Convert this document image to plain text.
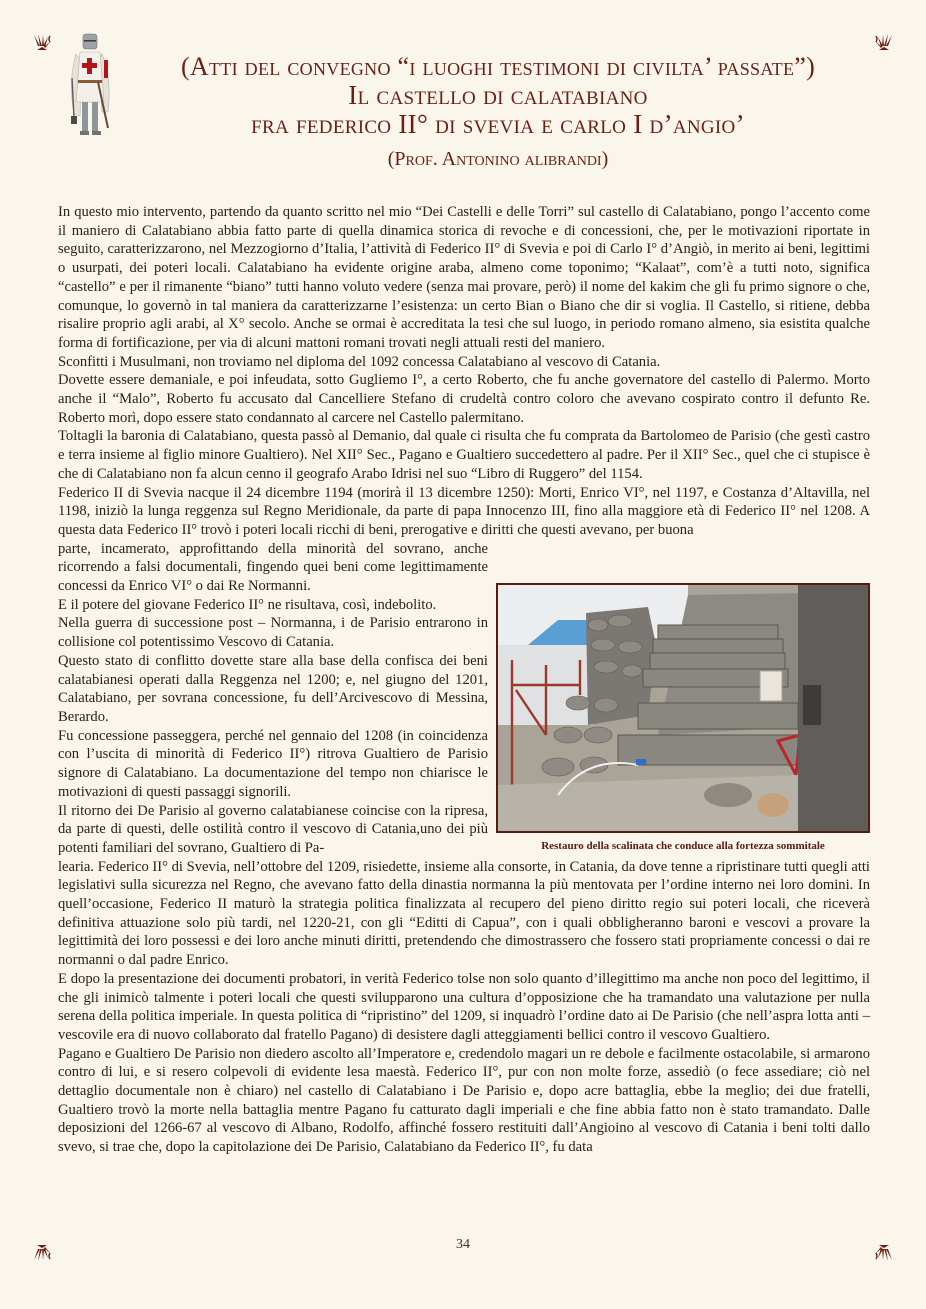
(Atti del convegno “i luoghi testimoni di civilta’ passate”)
Il castello di calatabiano
fra federico II° di svevia e carlo I d’angio’
(Prof. Antonino alibrandi)

In questo mio intervento, partendo da quanto scritto nel mio “Dei Castelli e delle Torri” sul castello di Calatabiano, pongo l’accento come il maniero di Calatabiano abbia fatto parte di quella dinamica storica di revoche e di concessioni, che, per le motivazioni riportate in seguito, caratterizzarono, nel Mezzogiorno d’Italia, l’attività di Federico II° di Svevia e poi di Carlo I° d’Angiò, in merito ai beni, legittimi o usurpati, dei poteri locali. Calatabiano ha evidente origine araba, almeno come toponimo; “Kalaat”, com’è a tutti noto, significa “castello” e per il rimanente “biano” tutti hanno voluto vedere (senza mai provare, però) il nome del kakim che gli fu primo signore o che, comunque, lo governò in tal maniera da caratterizzarne l’esistenza: un certo Bian o Biano che dir si voglia. Il Castello, si ritiene, debba risalire proprio agli arabi, al X° secolo. Anche se ormai è accreditata la tesi che sul luogo, in periodo romano almeno, sia esistita qualche forma di fortificazione, per via di alcuni mattoni romani trovati negli attuali resti del maniero.

Sconfitti i Musulmani, non troviamo nel diploma del 1092 concessa Calatabiano al vescovo di Catania.

Dovette essere demaniale, e poi infeudata, sotto Gugliemo I°, a certo Roberto, che fu anche governatore del castello di Palermo. Morto anche il “Malo”, Roberto fu accusato dal Cancelliere Stefano di crudeltà contro coloro che avevano cospirato contro il defunto Re. Roberto morì, dopo essere stato condannato al carcere nel Castello palermitano.

Toltagli la baronia di Calatabiano, questa passò al Demanio, dal quale ci risulta che fu comprata da Bartolomeo de Parisio (che gestì castro e terra insieme al figlio minore Gualtiero). Nel XII° Sec., Pagano e Gualtiero succedettero al padre. Per il XII° Sec., quel che ci stupisce è che di Calatabiano non fa alcun cenno il geografo Arabo Idrisi nel suo “Libro di Ruggero” del 1154.

Federico II di Svevia nacque il 24 dicembre 1194 (morirà il 13 dicembre 1250): Morti, Enrico VI°, nel 1197, e Costanza d’Altavilla, nel 1198, iniziò la lunga reggenza sul Regno Meridionale, da parte di papa Innocenzo III, fino alla maggiore età di Federico II° nel 1208. A questa data Federico II° trovò i poteri locali ricchi di beni, prerogative e diritti che questi avevano, per buona

parte, incamerato, approfittando della minorità del sovrano, anche ricorrendo a falsi documentali, fingendo quei beni come legittimamente concessi da Enrico VI° o dai Re Normanni.

E il potere del giovane Federico II° ne risultava, così, indebolito.

Nella guerra di successione post – Normanna, i de Parisio entrarono in collisione col potentissimo Vescovo di Catania.

Questo stato di conflitto dovette stare alla base della confisca dei beni calatabianesi operati dalla Reggenza nel 1200; e, nel giugno del 1201, Calatabiano, per sovrana concessione, fu dell’Arcivescovo di Messina, Berardo.

Fu concessione passeggera, perché nel gennaio del 1208 (in coincidenza con l’uscita di minorità di Federico II°) ritrova Gualtiero de Parisio signore di Calatabiano. La documentazione del tempo non chiarisce le motivazioni di questi passaggi signorili.

Il ritorno dei De Parisio al governo calatabianese coincise con la ripresa, da parte di questi, delle ostilità contro il vescovo di Catania,uno dei più potenti familiari del sovrano, Gualtiero di Pa-

learia. Federico II° di Svevia, nell’ottobre del 1209, risiedette, insieme alla consorte, in Catania, da dove tenne a ripristinare tutti quegli atti legislativi sulla sicurezza nel Regno, che avevano fatto della dinastia normanna la più mentovata per l’ordine interno nei loro domini. In quell’occasione, Federico II maturò la strategia politica finalizzata al recupero del pieno diritto regio sui poteri locali, che riceverà definitiva attuazione solo più tardi, nel 1220-21, con gli “Editti di Capua”, con i quali obbligheranno baroni e vescovi a provare la legittimità dei loro possessi e dei loro anche minuti diritti, pretendendo che dimostrassero che fossero stati propriamente concessi o dai re normanni o dal padre Enrico.

E dopo la presentazione dei documenti probatori, in verità Federico tolse non solo quanto d’illegittimo ma anche non poco del legittimo, il che gli inimicò talmente i poteri locali che questi svilupparono una cultura d’opposizione che ha tramandato una valutazione per nulla serena della politica imperiale. In questa politica di “ripristino” del 1209, si inquadrò l’ordine dato ai De Parisio (che nell’aspra lotta anti – vescovile era di nuovo collaborato dal fratello Pagano) di desistere dagli atteggiamenti bellici contro il vescovo Gualtiero.

Pagano e Gualtiero De Parisio non diedero ascolto all’Imperatore e, credendolo magari un re debole e facilmente ostacolabile, si armarono contro di lui, e si resero colpevoli di evidente lesa maestà. Federico II°, pur con non molte forze, assediò (o fece assediare; ciò nel dettaglio documentale non è chiaro) nel castello di Calatabiano i De Parisio e, dopo acre battaglia, ebbe la meglio; dei due fratelli, Gualtiero trovò la morte nella battaglia mentre Pagano fu catturato dagli imperiali e che fine abbia fatto non è stato tramandato. Dalle deposizioni del 1266-67 al vescovo di Albano, Rodolfo, affinché fossero restituiti dall’Angioino al vescovo di Catania i beni tolti dallo svevo, si trae che, dopo la capitolazione dei De Parisio, Calatabiano da Federico II°, fu data

Restauro della scalinata che conduce alla fortezza sommitale
34
